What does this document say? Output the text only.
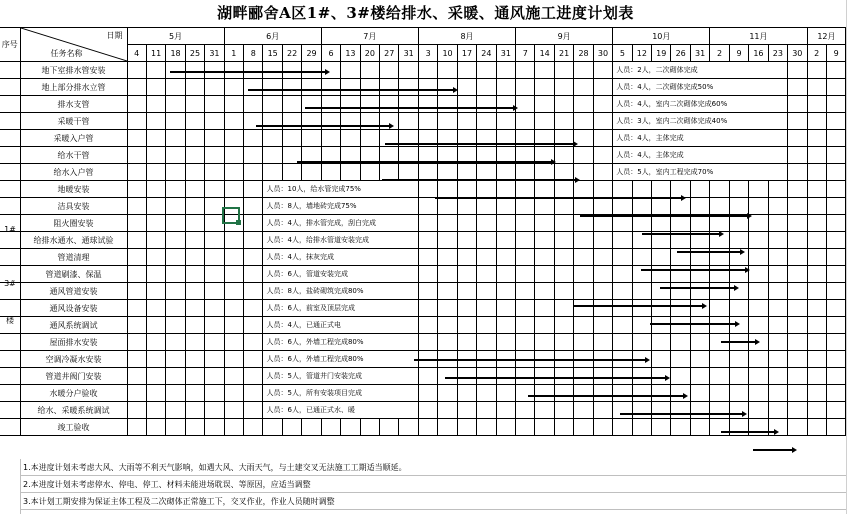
湖畔郦舍A区1#、3#楼给排水、采暖、通风施工进度计划表
序号	日期
任务名称	5月					6月					7月					8月					9月					10月					11月					12月	
		4	11	18	25	31	1	8	15	22	29	6	13	20	27	31	3	10	17	24	31	7	14	21	28	30	5	12	19	26	31	2	9	16	23	30	2	9
	地下室排水管安装																										人员：2人，二次砌体完成											
	地上部分排水立管																										人员：4人，二次砌体完成50%											
	排水支管																										人员：4人，室内二次砌体完成60%											
	采暖干管																										人员：3人，室内二次砌体完成40%											
	采暖入户管																										人员：4人，主体完成											
	给水干管																										人员：4人，主体完成											
	给水入户管																										人员：5人，室内工程完成70%											
	地暖安装								人员：10人，给水管完成75%																													
	洁具安装								人员：8人，墙地砖完成75%																													
	阻火圈安装								人员：4人，排水管完成，刮白完成																													
	给排水通水、通球试验								人员：4人，给排水管道安装完成																													
	管道清理								人员：4人，抹灰完成																													
	管道刷漆、保温								人员：6人，管道安装完成																													
	通风管道安装								人员：8人，盐砖砌筑完成80%																													
	通风设备安装								人员：6人，前室及顶层完成																													
	通风系统调试								人员：4人，已通正式电																													
	屋面排水安装								人员：6人，外墙工程完成80%																													
	空调冷凝水安装								人员：6人，外墙工程完成80%																													
	管道井阀门安装								人员：5人，管道井门安装完成																													
	水暖分户验收								人员：5人，所有安装项目完成																													
	给水、采暖系统调试								人员：6人，已通正式水、暖																													
	竣工验收																																					
1#
3#
楼
1.本进度计划未考虑大风、大雨等不利天气影响，如遇大风、大雨天气，与土建交叉无法施工工期适当顺延。
2.本进度计划未考虑停水、停电、停工、材料未能进场耽误、等原因，应适当调整
3.本计划工期安排为保证主体工程及二次砌体正常施工下，交叉作业，作业人员随时调整
